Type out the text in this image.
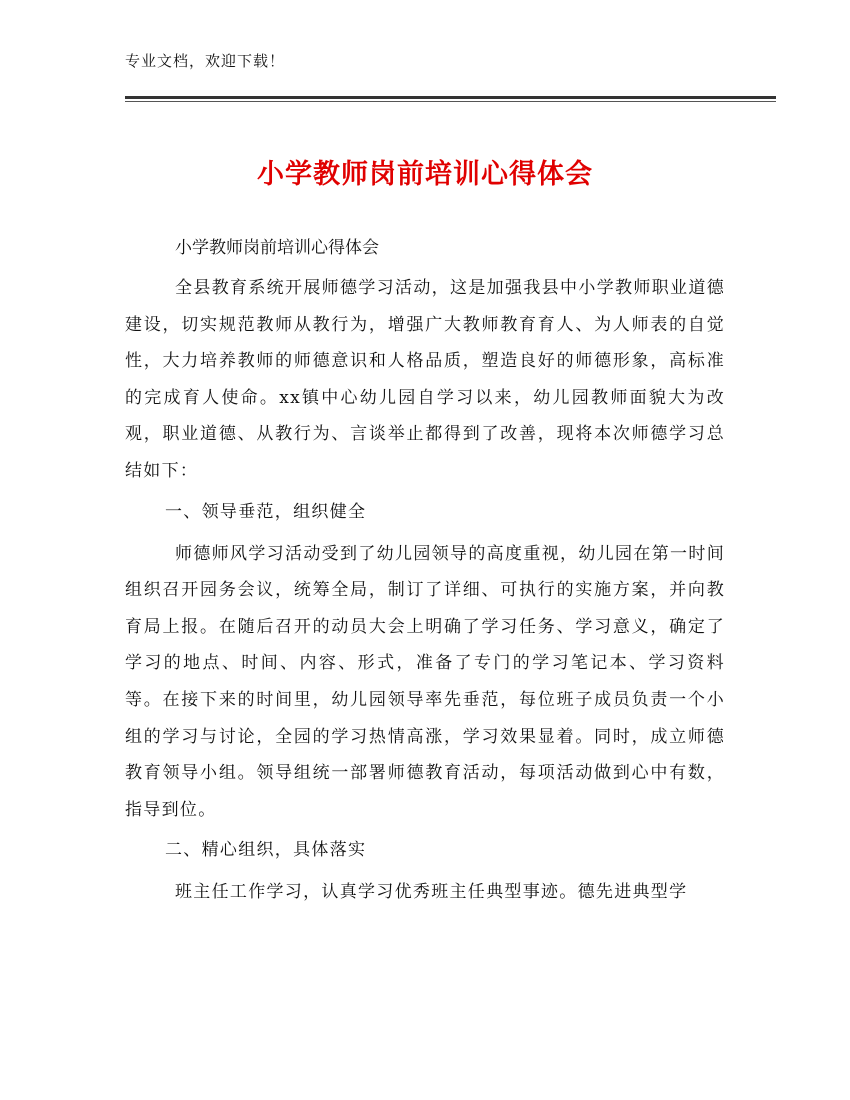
专业文档，欢迎下载！
小学教师岗前培训心得体会
小学教师岗前培训心得体会

全县教育系统开展师德学习活动，这是加强我县中小学教师职业道德建设，切实规范教师从教行为，增强广大教师教育育人、为人师表的自觉性，大力培养教师的师德意识和人格品质，塑造良好的师德形象，高标准的完成育人使命。xx镇中心幼儿园自学习以来，幼儿园教师面貌大为改观，职业道德、从教行为、言谈举止都得到了改善，现将本次师德学习总结如下：

一、领导垂范，组织健全

师德师风学习活动受到了幼儿园领导的高度重视，幼儿园在第一时间组织召开园务会议，统筹全局，制订了详细、可执行的实施方案，并向教育局上报。在随后召开的动员大会上明确了学习任务、学习意义，确定了学习的地点、时间、内容、形式，准备了专门的学习笔记本、学习资料等。在接下来的时间里，幼儿园领导率先垂范，每位班子成员负责一个小组的学习与讨论，全园的学习热情高涨，学习效果显着。同时，成立师德教育领导小组。领导组统一部署师德教育活动，每项活动做到心中有数，指导到位。

二、精心组织，具体落实

班主任工作学习，认真学习优秀班主任典型事迹。德先进典型学
